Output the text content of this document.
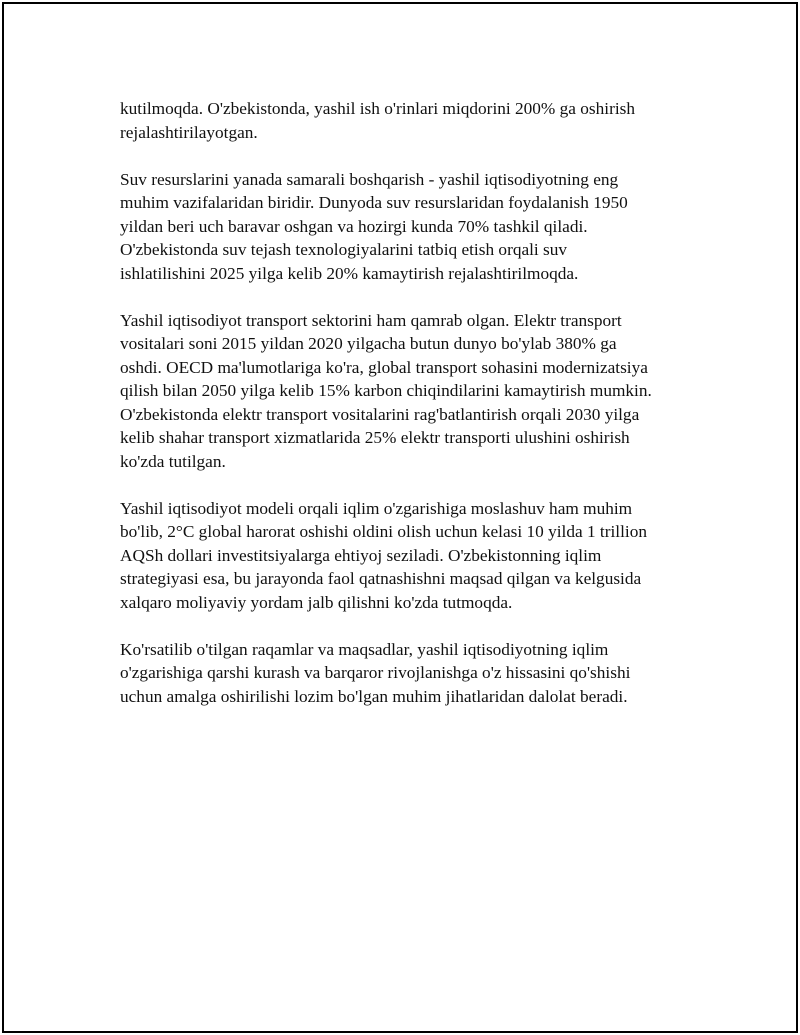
kutilmoqda. O'zbekistonda, yashil ish o'rinlari miqdorini 200% ga oshirish
rejalashtirilayotgan.

Suv resurslarini yanada samarali boshqarish - yashil iqtisodiyotning eng
muhim vazifalaridan biridir. Dunyoda suv resurslaridan foydalanish 1950
yildan beri uch baravar oshgan va hozirgi kunda 70% tashkil qiladi.
O'zbekistonda suv tejash texnologiyalarini tatbiq etish orqali suv
ishlatilishini 2025 yilga kelib 20% kamaytirish rejalashtirilmoqda.

Yashil iqtisodiyot transport sektorini ham qamrab olgan. Elektr transport
vositalari soni 2015 yildan 2020 yilgacha butun dunyo bo'ylab 380% ga
oshdi. OECD ma'lumotlariga ko'ra, global transport sohasini modernizatsiya
qilish bilan 2050 yilga kelib 15% karbon chiqindilarini kamaytirish mumkin.
O'zbekistonda elektr transport vositalarini rag'batlantirish orqali 2030 yilga
kelib shahar transport xizmatlarida 25% elektr transporti ulushini oshirish
ko'zda tutilgan.

Yashil iqtisodiyot modeli orqali iqlim o'zgarishiga moslashuv ham muhim
bo'lib, 2°C global harorat oshishi oldini olish uchun kelasi 10 yilda 1 trillion
AQSh dollari investitsiyalarga ehtiyoj seziladi. O'zbekistonning iqlim
strategiyasi esa, bu jarayonda faol qatnashishni maqsad qilgan va kelgusida
xalqaro moliyaviy yordam jalb qilishni ko'zda tutmoqda.

Ko'rsatilib o'tilgan raqamlar va maqsadlar, yashil iqtisodiyotning iqlim
o'zgarishiga qarshi kurash va barqaror rivojlanishga o'z hissasini qo'shishi
uchun amalga oshirilishi lozim bo'lgan muhim jihatlaridan dalolat beradi.
